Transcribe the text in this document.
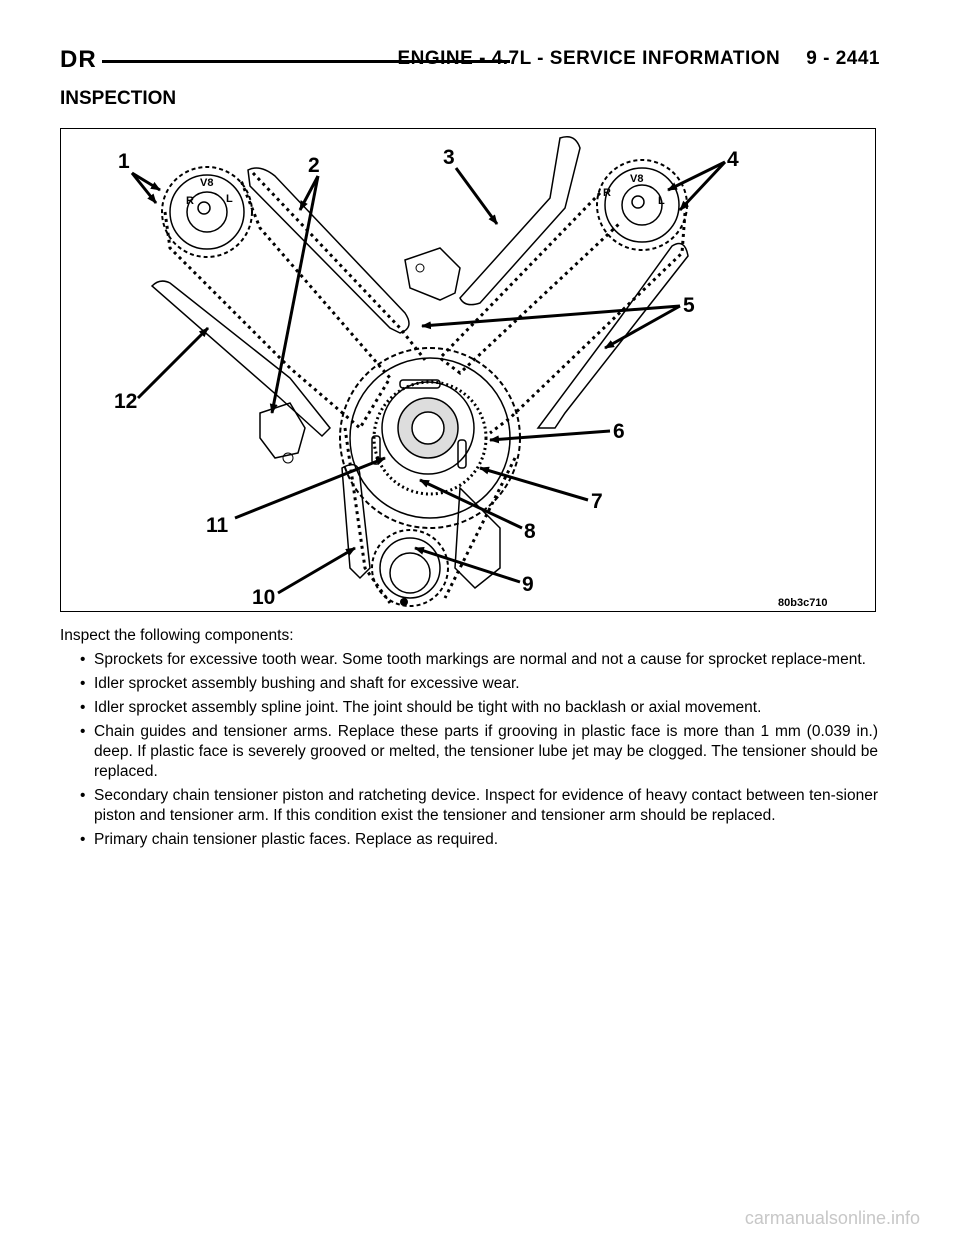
DR	ENGINE - 4.7L - SERVICE INFORMATION 9 - 2441
INSPECTION
R
V8
L	R
V8
L
1	2	3	4
5
6
7
8
9
10
11
12
80b3c710

Inspect the following components:

• Sprockets for excessive tooth wear. Some tooth markings are normal and not a cause for sprocket replace-ment.
• Idler sprocket assembly bushing and shaft for excessive wear.
• Idler sprocket assembly spline joint. The joint should be tight with no backlash or axial movement.
• Chain guides and tensioner arms. Replace these parts if grooving in plastic face is more than 1 mm (0.039 in.) deep. If plastic face is severely grooved or melted, the tensioner lube jet may be clogged. The tensioner should be replaced.
• Secondary chain tensioner piston and ratcheting device. Inspect for evidence of heavy contact between ten-sioner piston and tensioner arm. If this condition exist the tensioner and tensioner arm should be replaced.
• Primary chain tensioner plastic faces. Replace as required.
carmanualsonline.info
